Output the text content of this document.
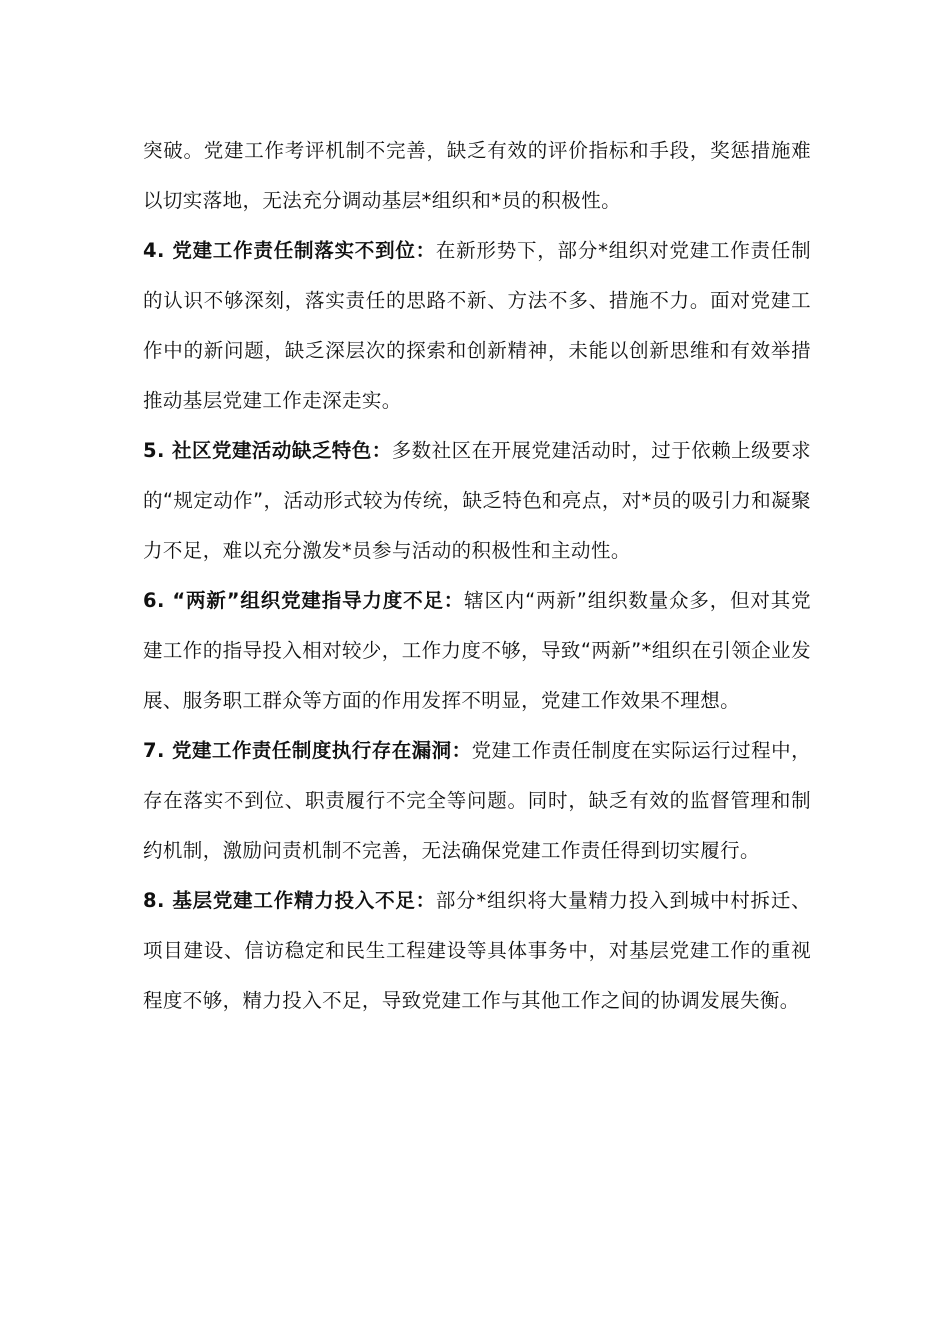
突破。党建工作考评机制不完善，缺乏有效的评价指标和手段，奖惩措施难以切实落地，无法充分调动基层*组织和*员的积极性。

4. 党建工作责任制落实不到位：在新形势下，部分*组织对党建工作责任制的认识不够深刻，落实责任的思路不新、方法不多、措施不力。面对党建工作中的新问题，缺乏深层次的探索和创新精神，未能以创新思维和有效举措推动基层党建工作走深走实。

5. 社区党建活动缺乏特色：多数社区在开展党建活动时，过于依赖上级要求的“规定动作”，活动形式较为传统，缺乏特色和亮点，对*员的吸引力和凝聚力不足，难以充分激发*员参与活动的积极性和主动性。

6. “两新”组织党建指导力度不足：辖区内“两新”组织数量众多，但对其党建工作的指导投入相对较少，工作力度不够，导致“两新”*组织在引领企业发展、服务职工群众等方面的作用发挥不明显，党建工作效果不理想。

7. 党建工作责任制度执行存在漏洞：党建工作责任制度在实际运行过程中，存在落实不到位、职责履行不完全等问题。同时，缺乏有效的监督管理和制约机制，激励问责机制不完善，无法确保党建工作责任得到切实履行。

8. 基层党建工作精力投入不足：部分*组织将大量精力投入到城中村拆迁、项目建设、信访稳定和民生工程建设等具体事务中，对基层党建工作的重视程度不够，精力投入不足，导致党建工作与其他工作之间的协调发展失衡。
